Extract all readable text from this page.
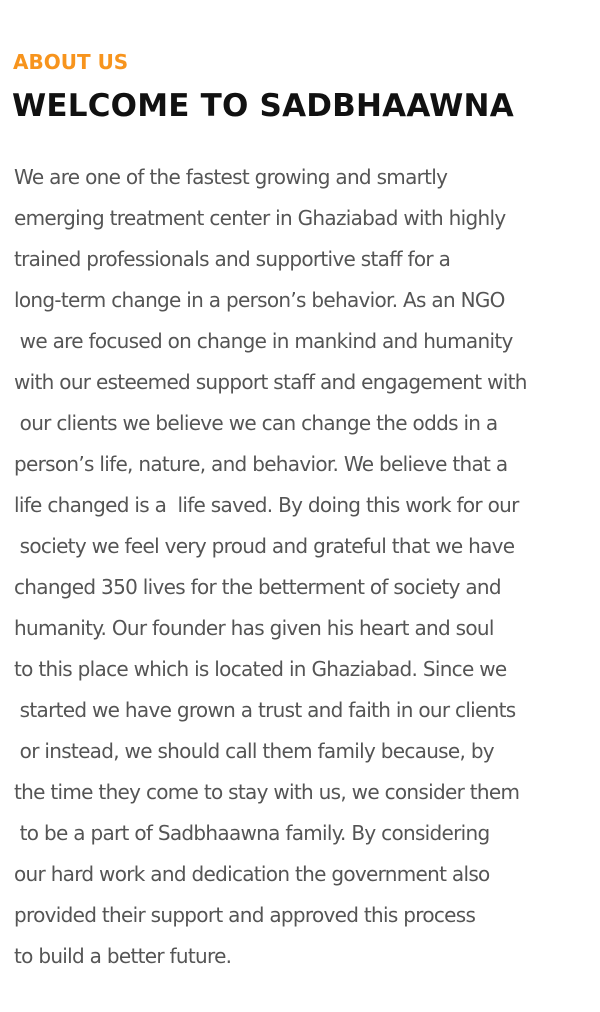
ABOUT US
WELCOME TO SADBHAAWNA

We are one of the fastest growing and smartly
emerging treatment center in Ghaziabad with highly
trained professionals and supportive staff for a
long-term change in a person’s behavior. As an NGO
we are focused on change in mankind and humanity
with our esteemed support staff and engagement with
our clients we believe we can change the odds in a
person’s life, nature, and behavior. We believe that a
life changed is a  life saved. By doing this work for our
society we feel very proud and grateful that we have
changed 350 lives for the betterment of society and
humanity. Our founder has given his heart and soul
to this place which is located in Ghaziabad. Since we
started we have grown a trust and faith in our clients
or instead, we should call them family because, by
the time they come to stay with us, we consider them
to be a part of Sadbhaawna family. By considering
our hard work and dedication the government also
provided their support and approved this process
to build a better future.
